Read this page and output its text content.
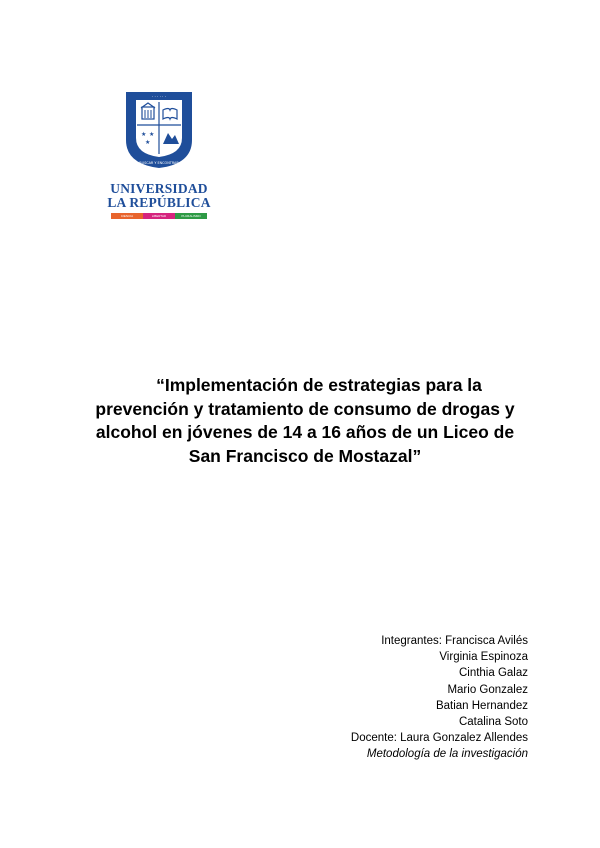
★ ★
★
· · · · · ·
BUSCAR Y ENCONTRAR
UNIVERSIDAD
LA REPÚBLICA
CIENCIA	LIBERTAD	PLURALISMO
“Implementación de estrategias para la
prevención y tratamiento de consumo de drogas y
alcohol en jóvenes de 14 a 16 años de un Liceo de
San Francisco de Mostazal”
Integrantes: Francisca Avilés
Virginia Espinoza
Cinthia Galaz
Mario Gonzalez
Batian Hernandez
Catalina Soto
Docente: Laura Gonzalez Allendes
Metodología de la investigación
